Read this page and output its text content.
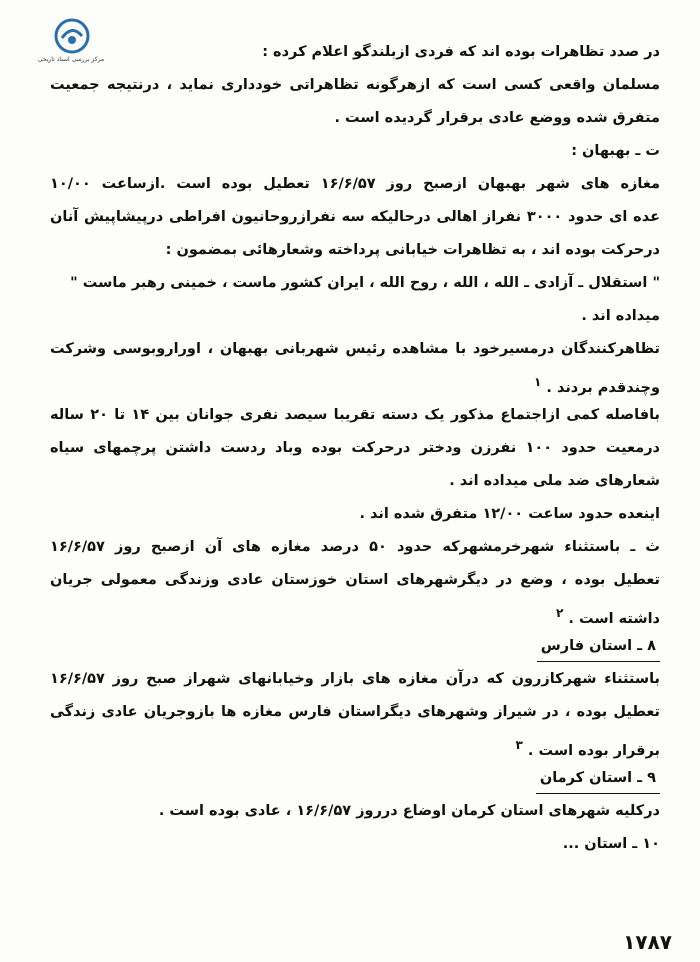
مرکز بررسی اسناد تاریخی	در صدد تظاهرات بوده اند که فردی ازبلندگو اعلام کرده :
مسلمان واقعی کسی است که ازهرگونه تظاهراتی خودداری نماید ، درنتیجه جمعیت
متفرق شده ووضع عادی برقرار گردیده است .
ت ـ بهبهان :
مغازه های شهر بهبهان ازصبح روز ۱۶/۶/۵۷ تعطیل بوده است .ازساعت ۱۰/۰۰
عده ای حدود ۳۰۰۰ نفراز اهالی درحالیکه سه نفرازروحانیون افراطی درپیشاپیش آنان
درحرکت بوده اند ، به تظاهرات خیابانی پرداخته وشعارهائی بمضمون :
" استقلال ـ آزادی ـ الله ، الله ، روح الله ، ایران کشور ماست ، خمینی رهبر ماست "
میداده اند .
تظاهرکنندگان درمسیرخود با مشاهده رئیس شهربانی بهبهان ، اوراروبوسی وشرکت
وچندقدم بردند . $^۱$
بافاصله کمی ازاجتماع مذکور یک دسته تقریبا سیصد نفری جوانان بین ۱۴ تا ۲۰ ساله
درمعیت حدود ۱۰۰ نفرزن ودختر درحرکت بوده وباد ردست داشتن پرچمهای سیاه
شعارهای ضد ملی میداده اند .
اینعده حدود ساعت ۱۲/۰۰ متفرق شده اند .
ث ـ باستثناء شهرخرمشهرکه حدود ۵۰ درصد مغازه های آن ازصبح روز ۱۶/۶/۵۷
تعطیل بوده ، وضع در دیگرشهرهای استان خوزستان عادی وزندگی معمولی جریان
داشته است . $^۲$
۸ ـ استان فارس
باستثناء شهرکازرون که درآن مغازه های بازار وخیابانهای شهراز صبح روز ۱۶/۶/۵۷
تعطیل بوده ، در شیراز وشهرهای دیگراستان فارس مغازه ها بازوجریان عادی زندگی
برقرار بوده است . $^۳$
۹ ـ استان کرمان
درکلیه شهرهای استان کرمان اوضاع درروز ۱۶/۶/۵۷ ، عادی بوده است .
۱۰ ـ استان ...
۱۷۸۷
